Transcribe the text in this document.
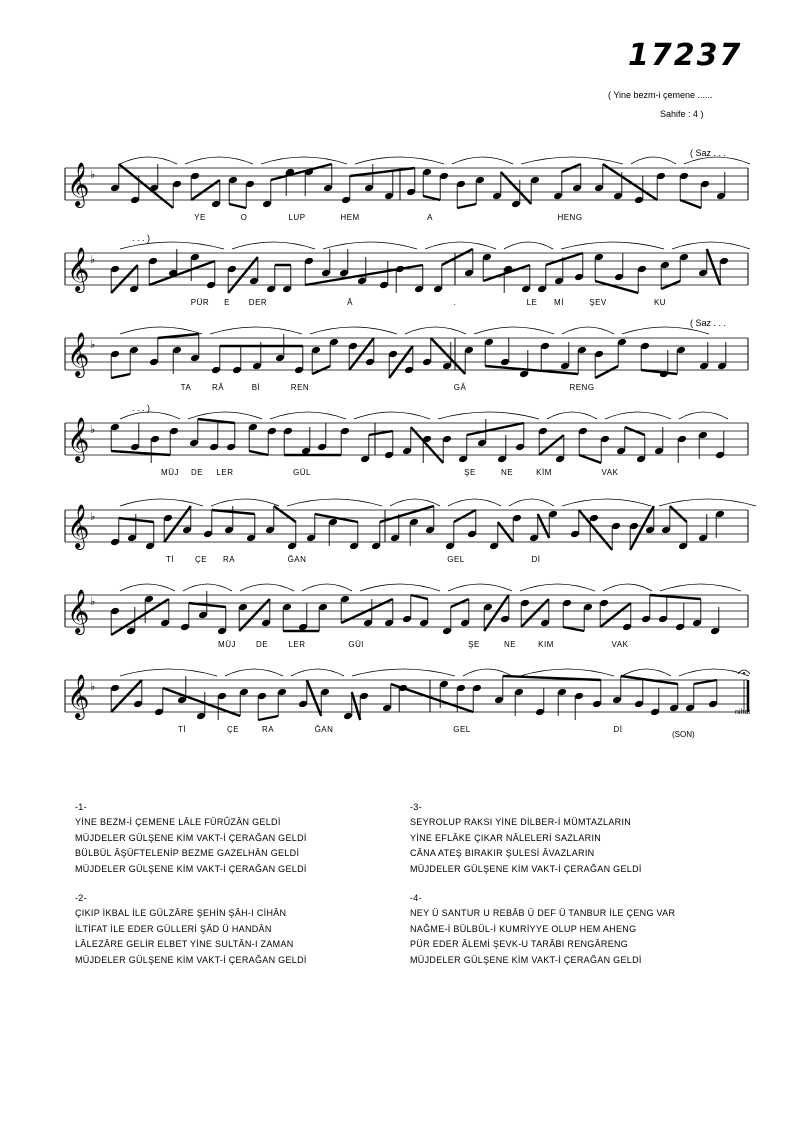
17237
( Yine bezm-i çemene ......
Sahife : 4 )
𝄞 ♭
𝄞 ♭
𝄞 ♭
𝄞 ♭
𝄞 ♭
𝄞 ♭
𝄞 ♭
YE	O	LUP	HEM	A	HENG
( Saz . . .
PÜR E DER	Â	.	LE Mİ	ŞEV	KU
. . . )
TA	RÂ	Bİ	REN	GÂ	RENG
( Saz . . .
MÜJ DE LER	GÜL	ŞE	NE	KİM	VAK
. . . )
Tİ	ÇE RA	ĞAN	GEL	Dİ
MÜJ DE	LER	GÜl	ŞE	NE	KIM	VAK
Tİ	ÇE	RA	ĞAN	GEL	Dİ
(SON)
nihat
-1-
YİNE BEZM-İ ÇEMENE LÂLE FÜRÛZÂN GELDİ
MÜJDELER GÜLŞENE KİM VAKT-İ ÇERAĞAN GELDİ
BÜLBÜL ÂŞÜFTELENİP BEZME GAZELHÂN GELDİ
MÜJDELER GÜLŞENE KİM VAKT-İ ÇERAĞAN GELDİ
-2-
ÇIKIP İKBAL İLE GÜLZÂRE ŞEHİN ŞÂH-I CİHÂN
İLTİFAT İLE EDER GÜLLERİ ŞÂD Ü HANDÂN
LÂLEZÂRE GELİR ELBET YİNE SULTÂN-I ZAMAN
MÜJDELER GÜLŞENE KİM VAKT-İ ÇERAĞAN GELDİ
-3-
SEYROLUP RAKSI YİNE DİLBER-İ MÜMTAZLARIN
YİNE EFLÂKE ÇIKAR NÂLELERİ SAZLARIN
CÂNA ATEŞ BIRAKIR ŞULESİ ÂVAZLARIN
MÜJDELER GÜLŞENE KİM VAKT-İ ÇERAĞAN GELDİ
-4-
NEY Ü SANTUR U REBÂB Ü DEF Ü TANBUR İLE ÇENG VAR
NAĞME-İ BÜLBÜL-İ KUMRİYYE OLUP HEM AHENG
PÜR EDER ÂLEMİ ŞEVK-U TARÂBI RENGÂRENG
MÜJDELER GÜLŞENE KİM VAKT-İ ÇERAĞAN GELDİ
